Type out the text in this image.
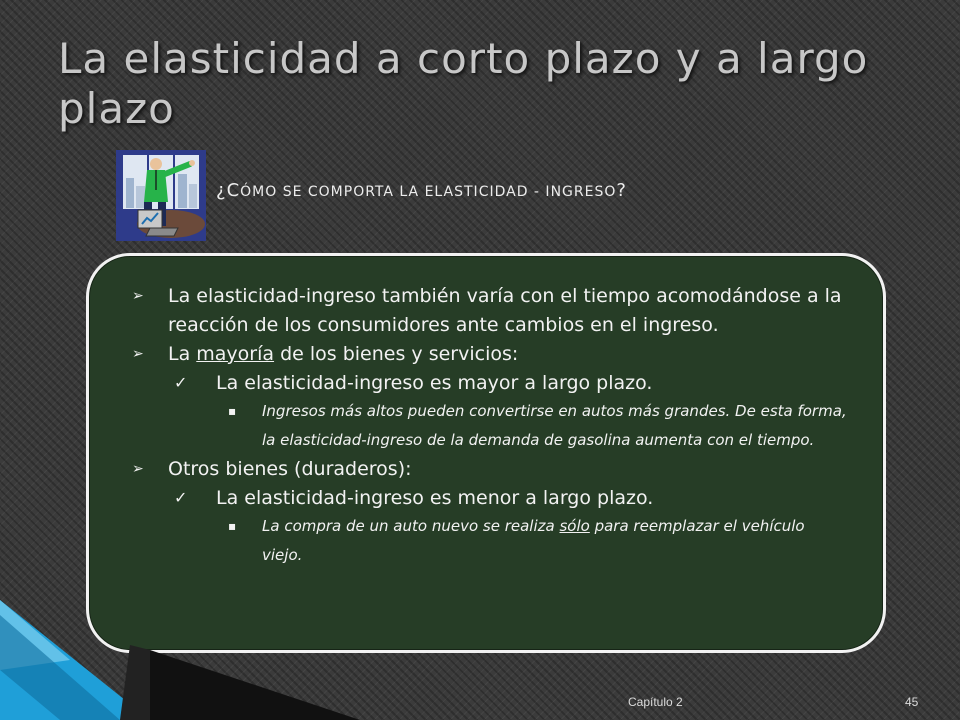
La elasticidad a corto plazo y a largo plazo
¿CÓMO SE COMPORTA LA ELASTICIDAD - INGRESO?

➢ La elasticidad-ingreso también varía con el tiempo acomodándose a la reacción de los consumidores ante cambios en el ingreso.

➢ La mayoría de los bienes y servicios:

✓ La elasticidad-ingreso es mayor a largo plazo.

▪ Ingresos más altos pueden convertirse en autos más grandes. De esta forma, la elasticidad-ingreso de la demanda de gasolina aumenta con el tiempo.

➢ Otros bienes (duraderos):

✓ La elasticidad-ingreso es menor a largo plazo.

▪ La compra de un auto nuevo se realiza sólo para reemplazar el vehículo viejo.

Capítulo 2	45
